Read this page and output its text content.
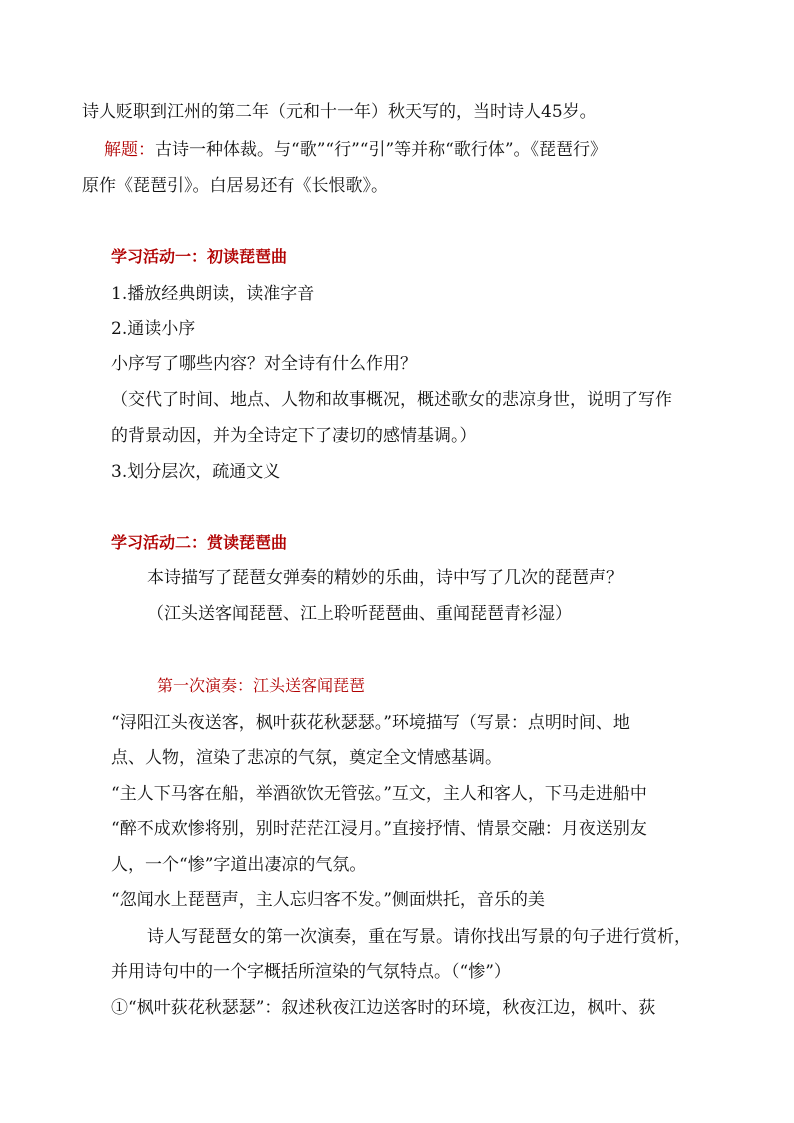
诗人贬职到江州的第二年（元和十一年）秋天写的，当时诗人45岁。
解题：古诗一种体裁。与“歌”“行”“引”等并称“歌行体”。《琵琶行》
原作《琵琶引》。白居易还有《长恨歌》。
学习活动一：初读琵琶曲
1.播放经典朗读，读准字音
2.通读小序
小序写了哪些内容？对全诗有什么作用？
（交代了时间、地点、人物和故事概况，概述歌女的悲凉身世，说明了写作
的背景动因，并为全诗定下了凄切的感情基调。）
3.划分层次，疏通文义
学习活动二：赏读琵琶曲
本诗描写了琵琶女弹奏的精妙的乐曲，诗中写了几次的琵琶声？
（江头送客闻琵琶、江上聆听琵琶曲、重闻琵琶青衫湿）
第一次演奏：江头送客闻琵琶
“浔阳江头夜送客，枫叶荻花秋瑟瑟。”环境描写（写景：点明时间、地
点、人物，渲染了悲凉的气氛，奠定全文情感基调。
“主人下马客在船，举酒欲饮无管弦。”互文，主人和客人，下马走进船中
“醉不成欢惨将别，别时茫茫江浸月。”直接抒情、情景交融：月夜送别友
人，一个“惨”字道出凄凉的气氛。
“忽闻水上琵琶声，主人忘归客不发。”侧面烘托，音乐的美
诗人写琵琶女的第一次演奏，重在写景。请你找出写景的句子进行赏析，
并用诗句中的一个字概括所渲染的气氛特点。（“惨”）
①“枫叶荻花秋瑟瑟”：叙述秋夜江边送客时的环境，秋夜江边，枫叶、荻
